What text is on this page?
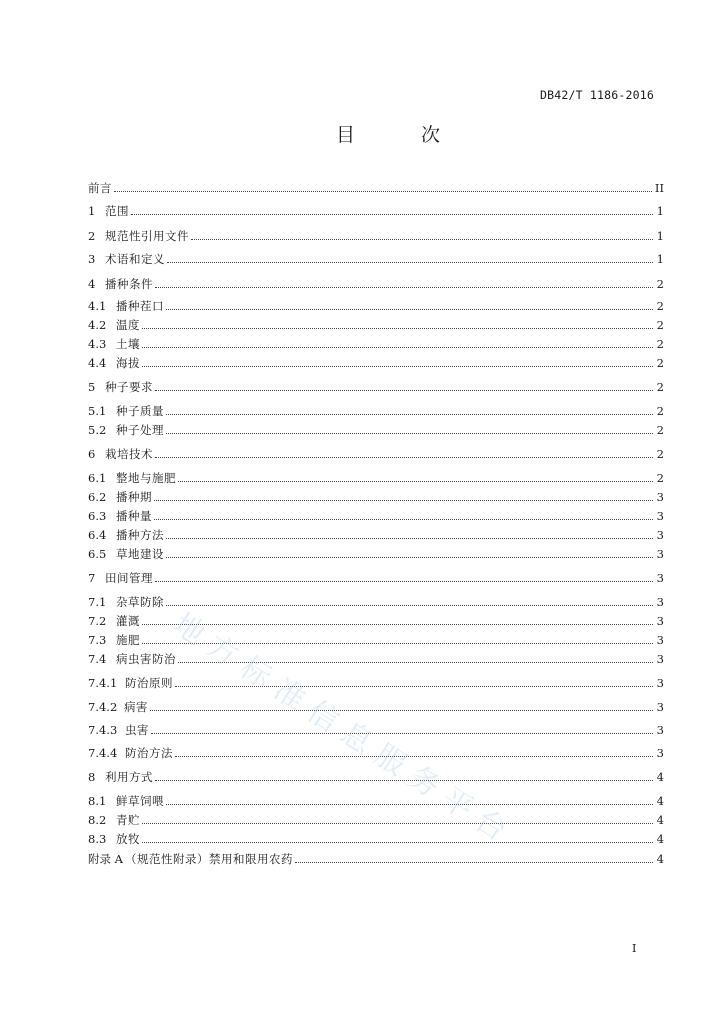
DB42/T 1186-2016
目 次
前言	II
1 范围	1
2 规范性引用文件	1
3 术语和定义	1
4 播种条件	2
4.1 播种茬口	2
4.2 温度	2
4.3 土壤	2
4.4 海拔	2
5 种子要求	2
5.1 种子质量	2
5.2 种子处理	2
6 栽培技术	2
6.1 整地与施肥	2
6.2 播种期	3
6.3 播种量	3
6.4 播种方法	3
6.5 草地建设	3
7 田间管理	3
7.1 杂草防除	3
7.2 灌溉	3
7.3 施肥	3
7.4 病虫害防治	3
7.4.1 防治原则	3
7.4.2 病害	3
7.4.3 虫害	3
7.4.4 防治方法	3
8 利用方式	4
8.1 鲜草饲喂	4
8.2 青贮	4
8.3 放牧	4
附录 A （规范性附录）禁用和限用农药	4
地方标准信息服务平台
I
